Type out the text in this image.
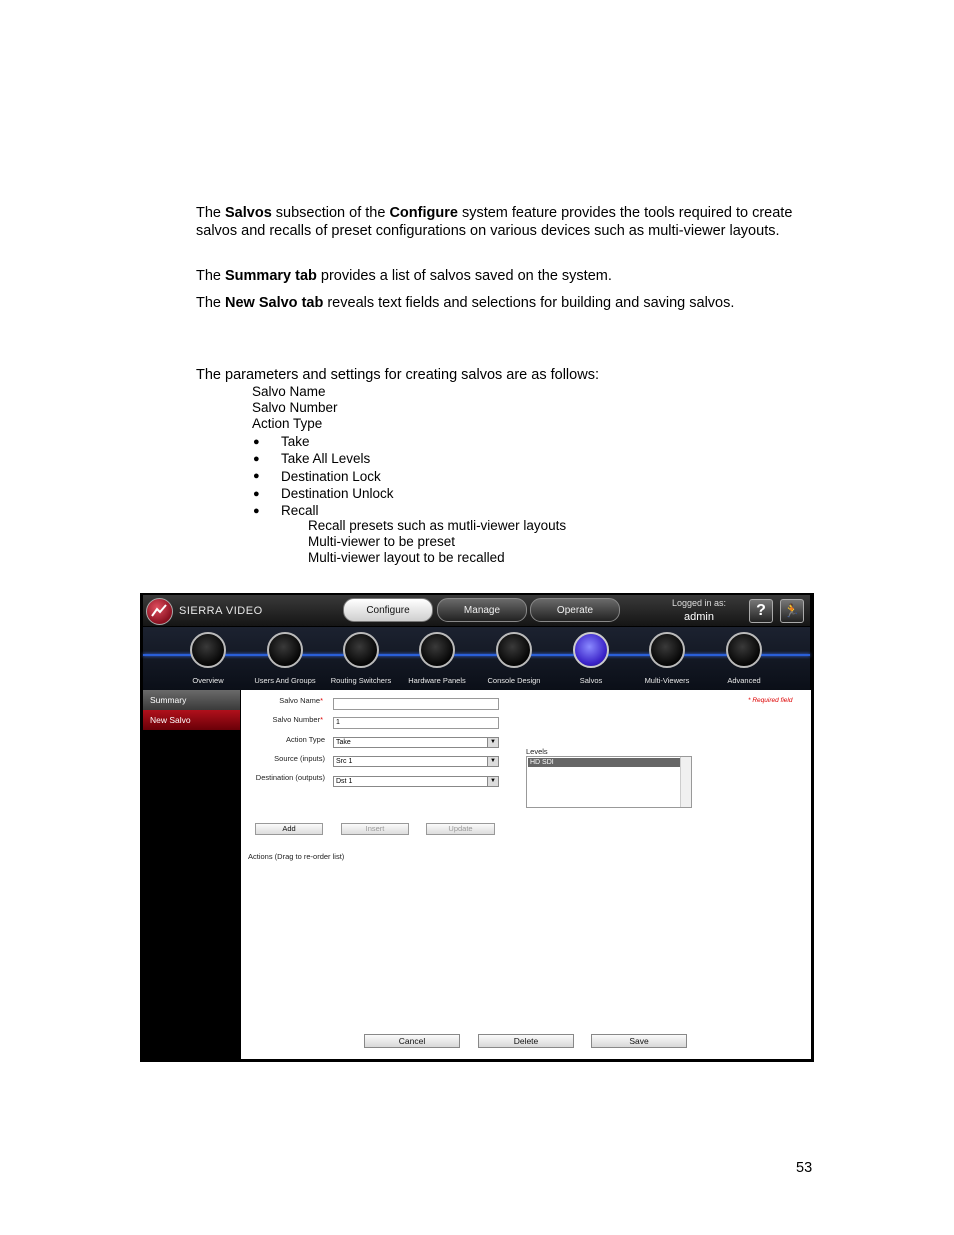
The Salvos subsection of the Configure system feature provides the tools required to create salvos and recalls of preset configurations on various devices such as multi-viewer layouts.
The Summary tab provides a list of salvos saved on the system.
The New Salvo tab reveals text fields and selections for building and saving salvos.
The parameters and settings for creating salvos are as follows:
Salvo Name
Salvo Number
Action Type
●	Take
●	Take All Levels
●	Destination Lock
●	Destination Unlock
●	Recall
Recall presets such as mutli-viewer layouts
Multi-viewer to be preset
Multi-viewer layout to be recalled
SIERRA VIDEO	Configure	Manage	Operate
Logged in as:
admin	?	🏃
Overview	Users And Groups	Routing Switchers	Hardware Panels	Console Design	Salvos	Multi-Viewers	Advanced
Summary
New Salvo
Salvo Name*
Salvo Number*	1
Action Type	Take	▼
Source (inputs)	Src 1	▼
Destination (outputs)	Dst 1	▼
* Required field
Levels
HD SDI
Add	Insert	Update
Actions (Drag to re-order list)
Cancel	Delete	Save
53
